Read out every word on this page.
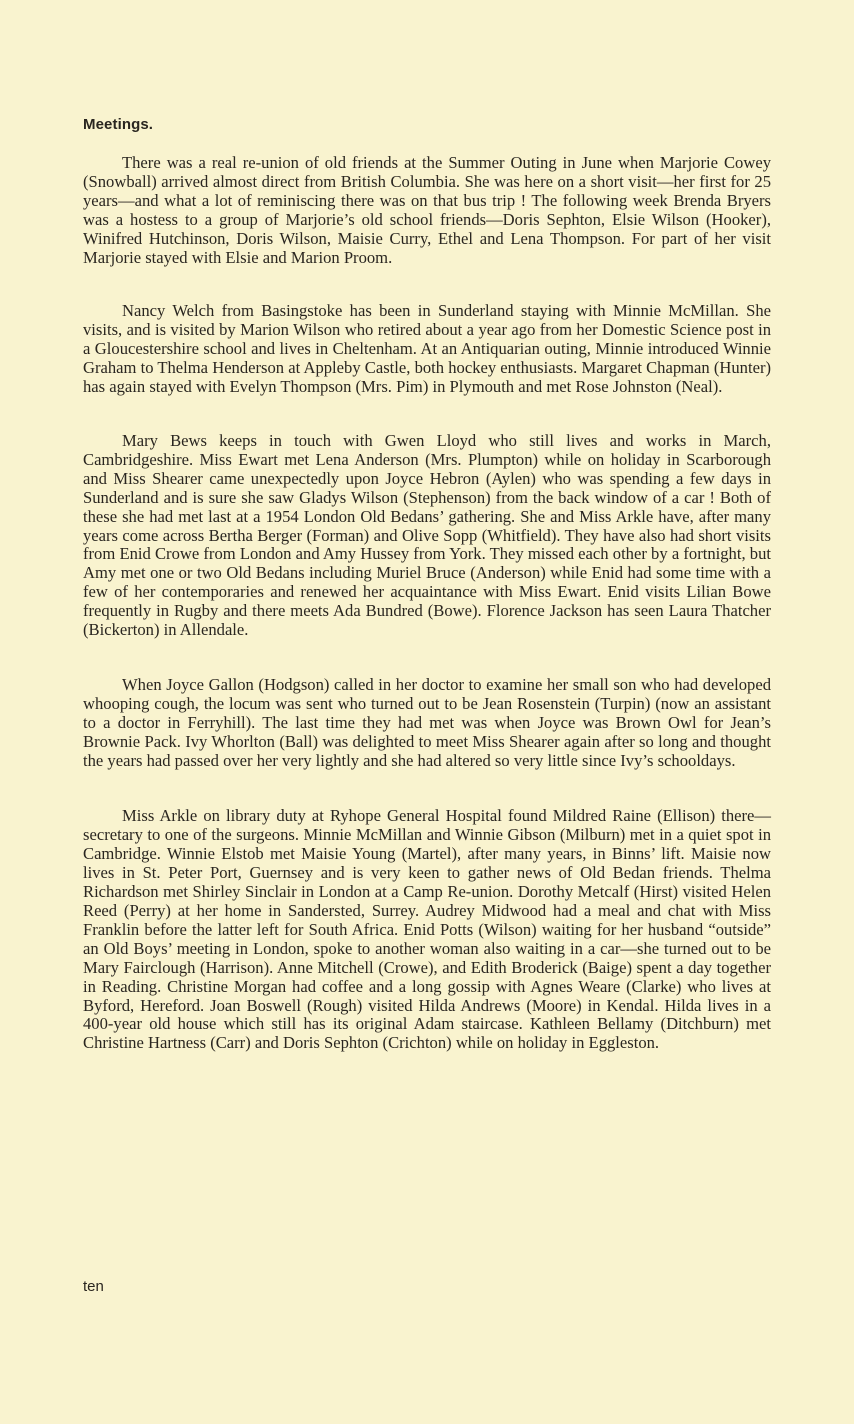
Meetings.

There was a real re-union of old friends at the Summer Outing in June when Marjorie Cowey (Snowball) arrived almost direct from British Columbia. She was here on a short visit—her first for 25 years—and what a lot of reminiscing there was on that bus trip ! The following week Brenda Bryers was a hostess to a group of Marjorie’s old school friends—Doris Sephton, Elsie Wilson (Hooker), Winifred Hutchinson, Doris Wilson, Maisie Curry, Ethel and Lena Thompson. For part of her visit Marjorie stayed with Elsie and Marion Proom.

Nancy Welch from Basingstoke has been in Sunderland staying with Minnie McMillan. She visits, and is visited by Marion Wilson who retired about a year ago from her Domestic Science post in a Gloucestershire school and lives in Cheltenham. At an Antiquarian outing, Minnie introduced Winnie Graham to Thelma Henderson at Appleby Castle, both hockey enthusiasts. Margaret Chapman (Hunter) has again stayed with Evelyn Thompson (Mrs. Pim) in Plymouth and met Rose Johnston (Neal).

Mary Bews keeps in touch with Gwen Lloyd who still lives and works in March, Cambridgeshire. Miss Ewart met Lena Anderson (Mrs. Plumpton) while on holiday in Scarborough and Miss Shearer came unexpectedly upon Joyce Hebron (Aylen) who was spending a few days in Sunderland and is sure she saw Gladys Wilson (Stephenson) from the back window of a car ! Both of these she had met last at a 1954 London Old Bedans’ gathering. She and Miss Arkle have, after many years come across Bertha Berger (Forman) and Olive Sopp (Whitfield). They have also had short visits from Enid Crowe from London and Amy Hussey from York. They missed each other by a fortnight, but Amy met one or two Old Bedans including Muriel Bruce (Anderson) while Enid had some time with a few of her contemporaries and renewed her acquaintance with Miss Ewart. Enid visits Lilian Bowe frequently in Rugby and there meets Ada Bundred (Bowe). Florence Jackson has seen Laura Thatcher (Bickerton) in Allendale.

When Joyce Gallon (Hodgson) called in her doctor to examine her small son who had developed whooping cough, the locum was sent who turned out to be Jean Rosenstein (Turpin) (now an assistant to a doctor in Ferryhill). The last time they had met was when Joyce was Brown Owl for Jean’s Brownie Pack. Ivy Whorlton (Ball) was delighted to meet Miss Shearer again after so long and thought the years had passed over her very lightly and she had altered so very little since Ivy’s schooldays.

Miss Arkle on library duty at Ryhope General Hospital found Mildred Raine (Ellison) there—secretary to one of the surgeons. Minnie McMillan and Winnie Gibson (Milburn) met in a quiet spot in Cambridge. Winnie Elstob met Maisie Young (Martel), after many years, in Binns’ lift. Maisie now lives in St. Peter Port, Guernsey and is very keen to gather news of Old Bedan friends. Thelma Richardson met Shirley Sinclair in London at a Camp Re-union. Dorothy Metcalf (Hirst) visited Helen Reed (Perry) at her home in Sandersted, Surrey. Audrey Midwood had a meal and chat with Miss Franklin before the latter left for South Africa. Enid Potts (Wilson) waiting for her husband “outside” an Old Boys’ meeting in London, spoke to another woman also waiting in a car—she turned out to be Mary Fairclough (Harrison). Anne Mitchell (Crowe), and Edith Broderick (Baige) spent a day together in Reading. Christine Morgan had coffee and a long gossip with Agnes Weare (Clarke) who lives at Byford, Hereford. Joan Boswell (Rough) visited Hilda Andrews (Moore) in Kendal. Hilda lives in a 400-year old house which still has its original Adam staircase. Kathleen Bellamy (Ditchburn) met Christine Hartness (Carr) and Doris Sephton (Crichton) while on holiday in Eggleston.

ten
